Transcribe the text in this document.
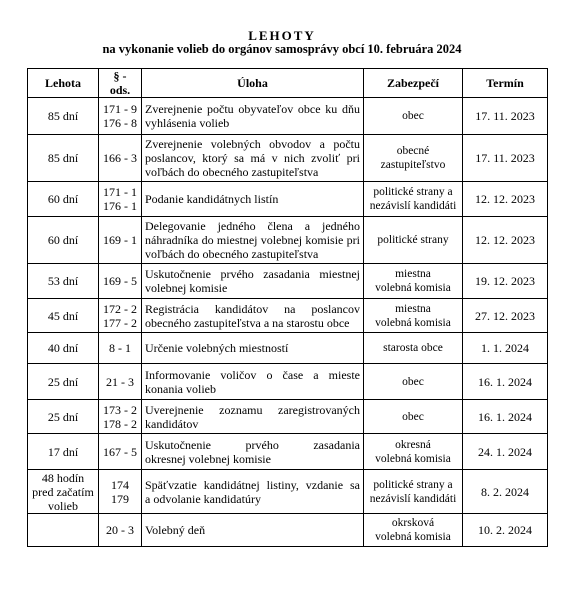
LEHOTY
na vykonanie volieb do orgánov samosprávy obcí 10. februára 2024
Lehota	§ - ods.	Úloha	Zabezpečí	Termín

85 dní	171 - 9
176 - 8	Zverejnenie počtu obyvateľov obce ku dňu
vyhlásenia volieb	obec	17. 11. 2023

85 dní	166 - 3	Zverejnenie volebných obvodov a počtu
poslancov, ktorý sa má v nich zvoliť pri
voľbách do obecného zastupiteľstva	obecné
zastupiteľstvo	17. 11. 2023

60 dní	171 - 1
176 - 1	Podanie kandidátnych listín	politické strany a
nezávislí kandidáti	12. 12. 2023

60 dní	169 - 1	Delegovanie jedného člena a jedného
náhradníka do miestnej volebnej komisie pri
voľbách do obecného zastupiteľstva	politické strany	12. 12. 2023

53 dní	169 - 5	Uskutočnenie prvého zasadania miestnej
volebnej komisie	miestna
volebná komisia	19. 12. 2023

45 dní	172 - 2
177 - 2	Registrácia kandidátov na poslancov
obecného zastupiteľstva a na starostu obce	miestna
volebná komisia	27. 12. 2023

40 dní	8 - 1	Určenie volebných miestností	starosta obce	1. 1. 2024

25 dní	21 - 3	Informovanie voličov o čase a mieste
konania volieb	obec	16. 1. 2024

25 dní	173 - 2
178 - 2	Uverejnenie zoznamu zaregistrovaných
kandidátov	obec	16. 1. 2024

17 dní	167 - 5	Uskutočnenie prvého zasadania
okresnej volebnej komisie	okresná
volebná komisia	24. 1. 2024

48 hodín
pred začatím
volieb	174
179	Späťvzatie kandidátnej listiny, vzdanie sa
a odvolanie kandidatúry	politické strany a
nezávislí kandidáti	8. 2. 2024

	20 - 3	Volebný deň	okrsková
volebná komisia	10. 2. 2024
